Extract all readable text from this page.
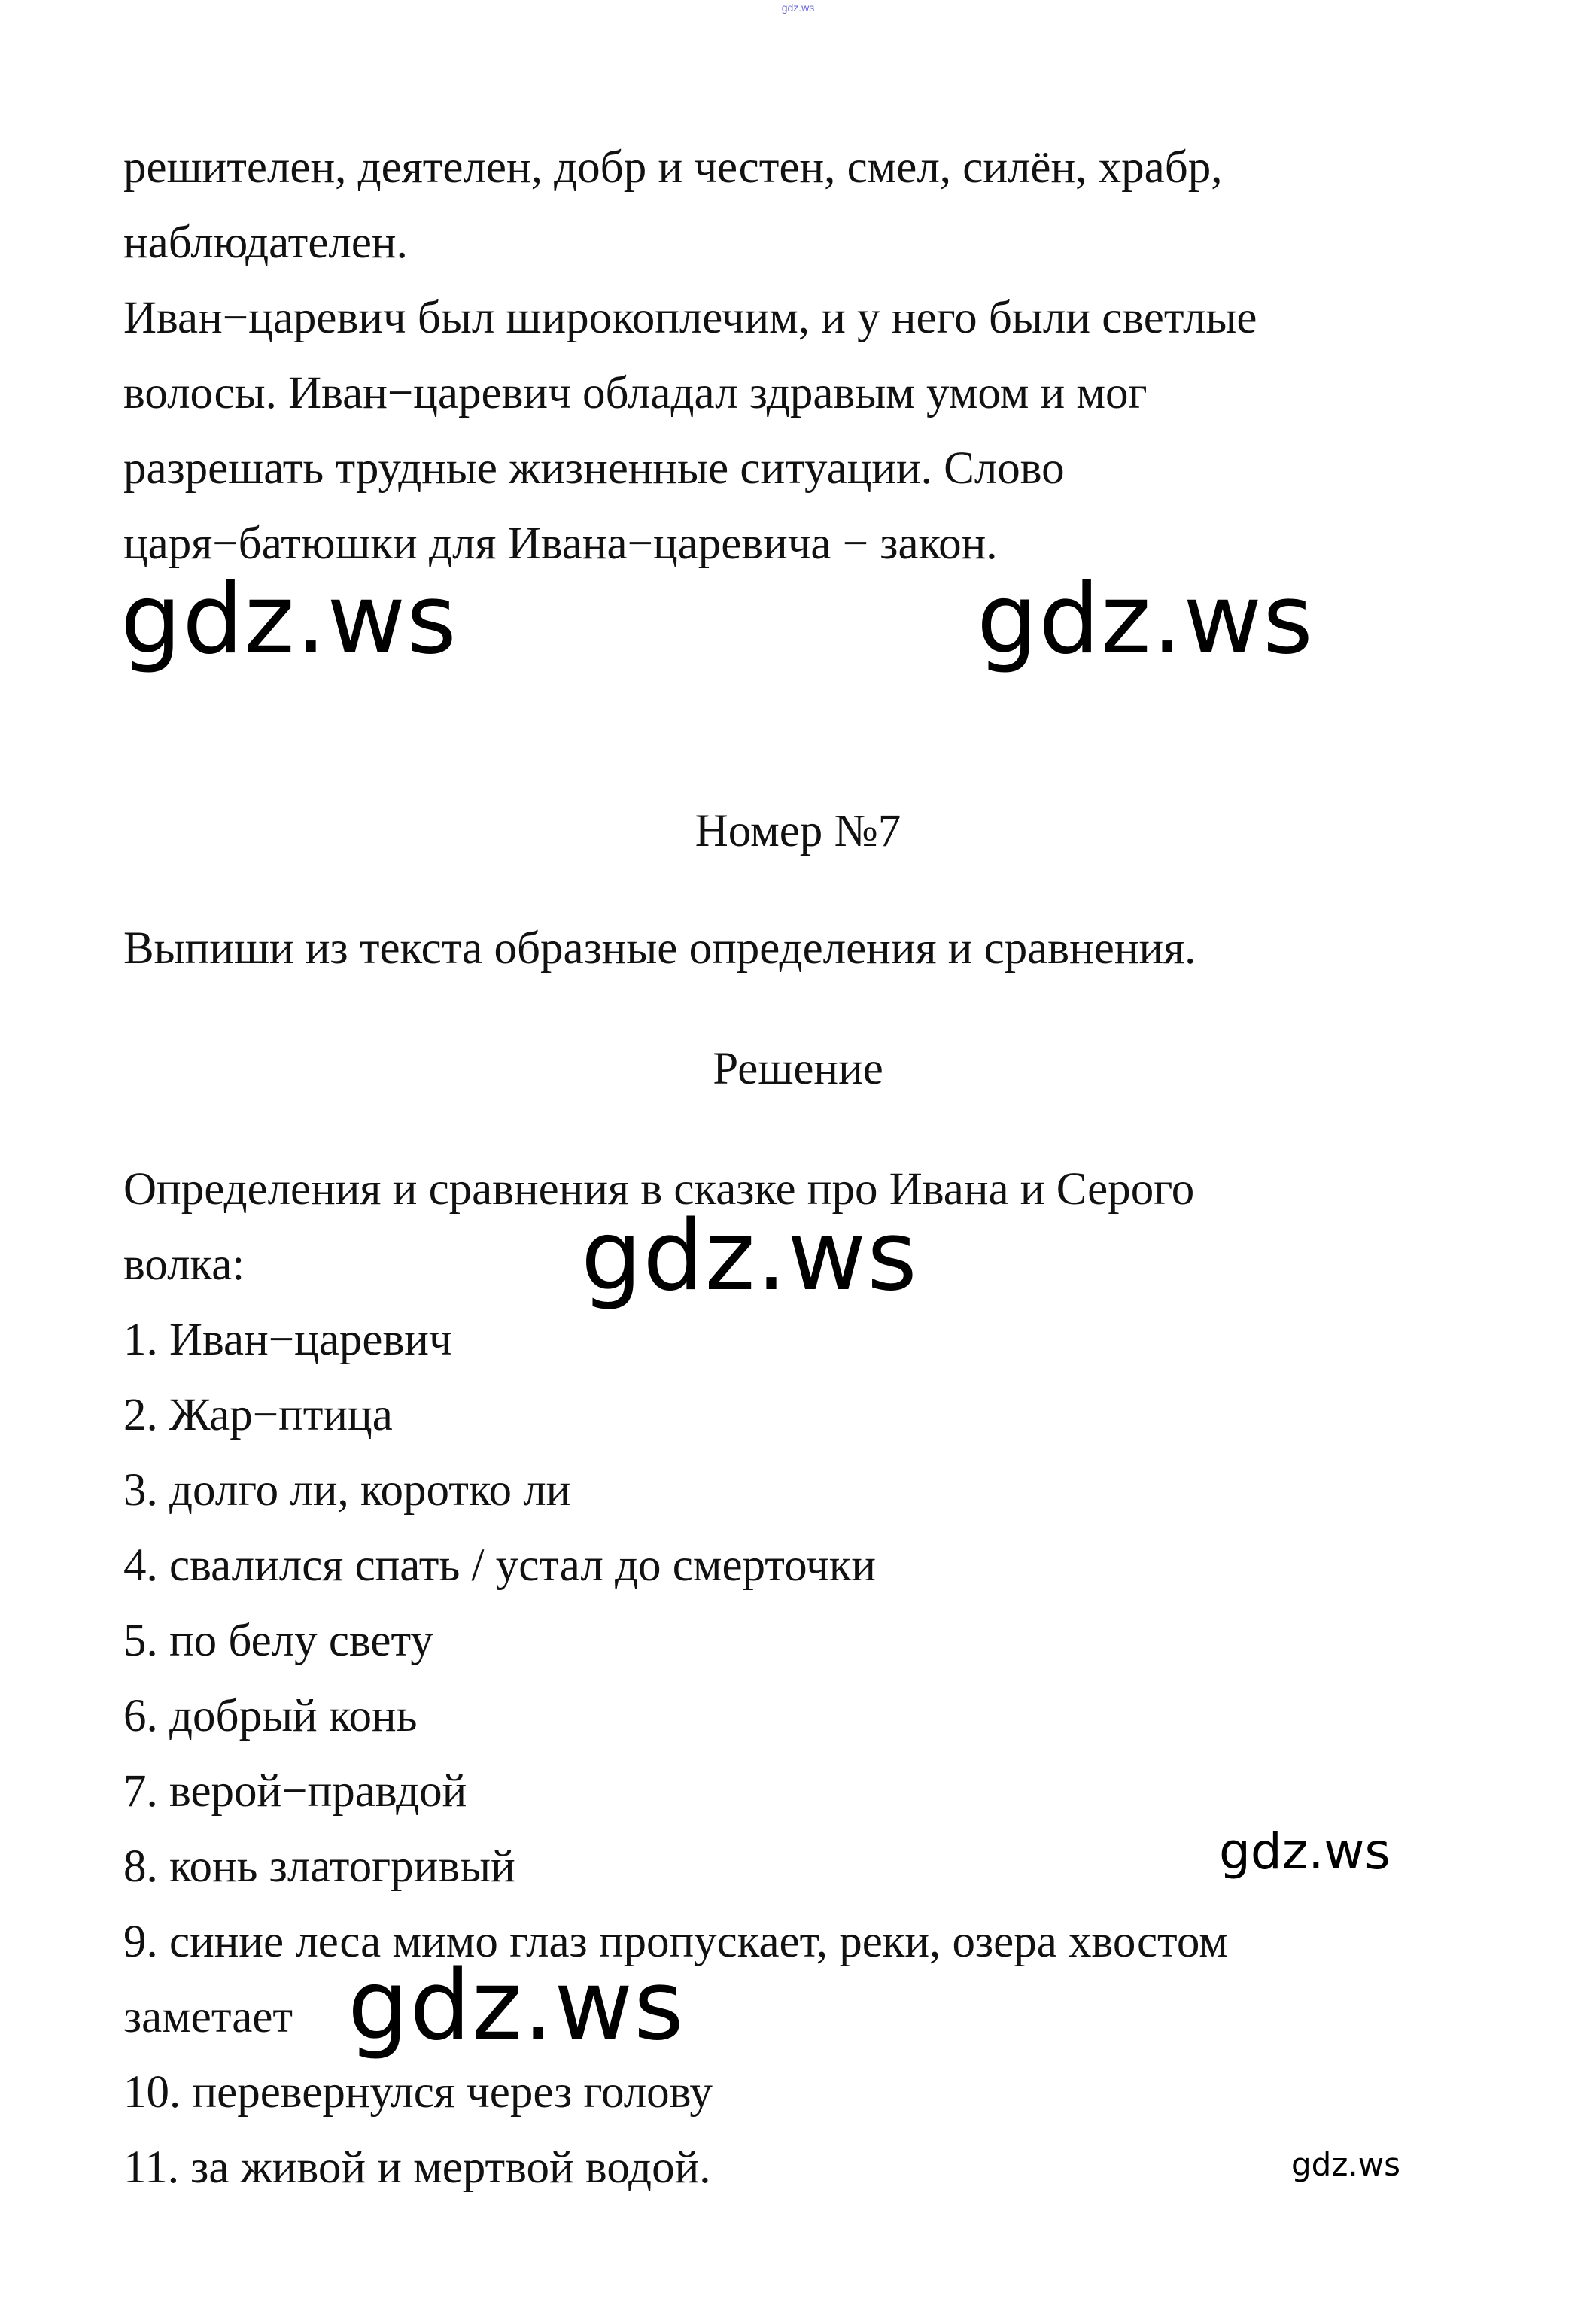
gdz.ws
решителен, деятелен, добр и честен, смел, силён, храбр,
наблюдателен.
Иван−царевич был широкоплечим, и у него были светлые
волосы. Иван−царевич обладал здравым умом и мог
разрешать трудные жизненные ситуации. Слово
царя−батюшки для Ивана−царевича − закон.
Номер №7
Выпиши из текста образные определения и сравнения.
Решение
Определения и сравнения в сказке про Ивана и Серого
волка:
1. Иван−царевич
2. Жар−птица
3. долго ли, коротко ли
4. свалился спать / устал до смерточки
5. по белу свету
6. добрый конь
7. верой−правдой
8. конь златогривый
9. синие леса мимо глаз пропускает, реки, озера хвостом
заметает
10. перевернулся через голову
11. за живой и мертвой водой.
gdz.ws	gdz.ws
gdz.ws
gdz.ws
gdz.ws
gdz.ws
